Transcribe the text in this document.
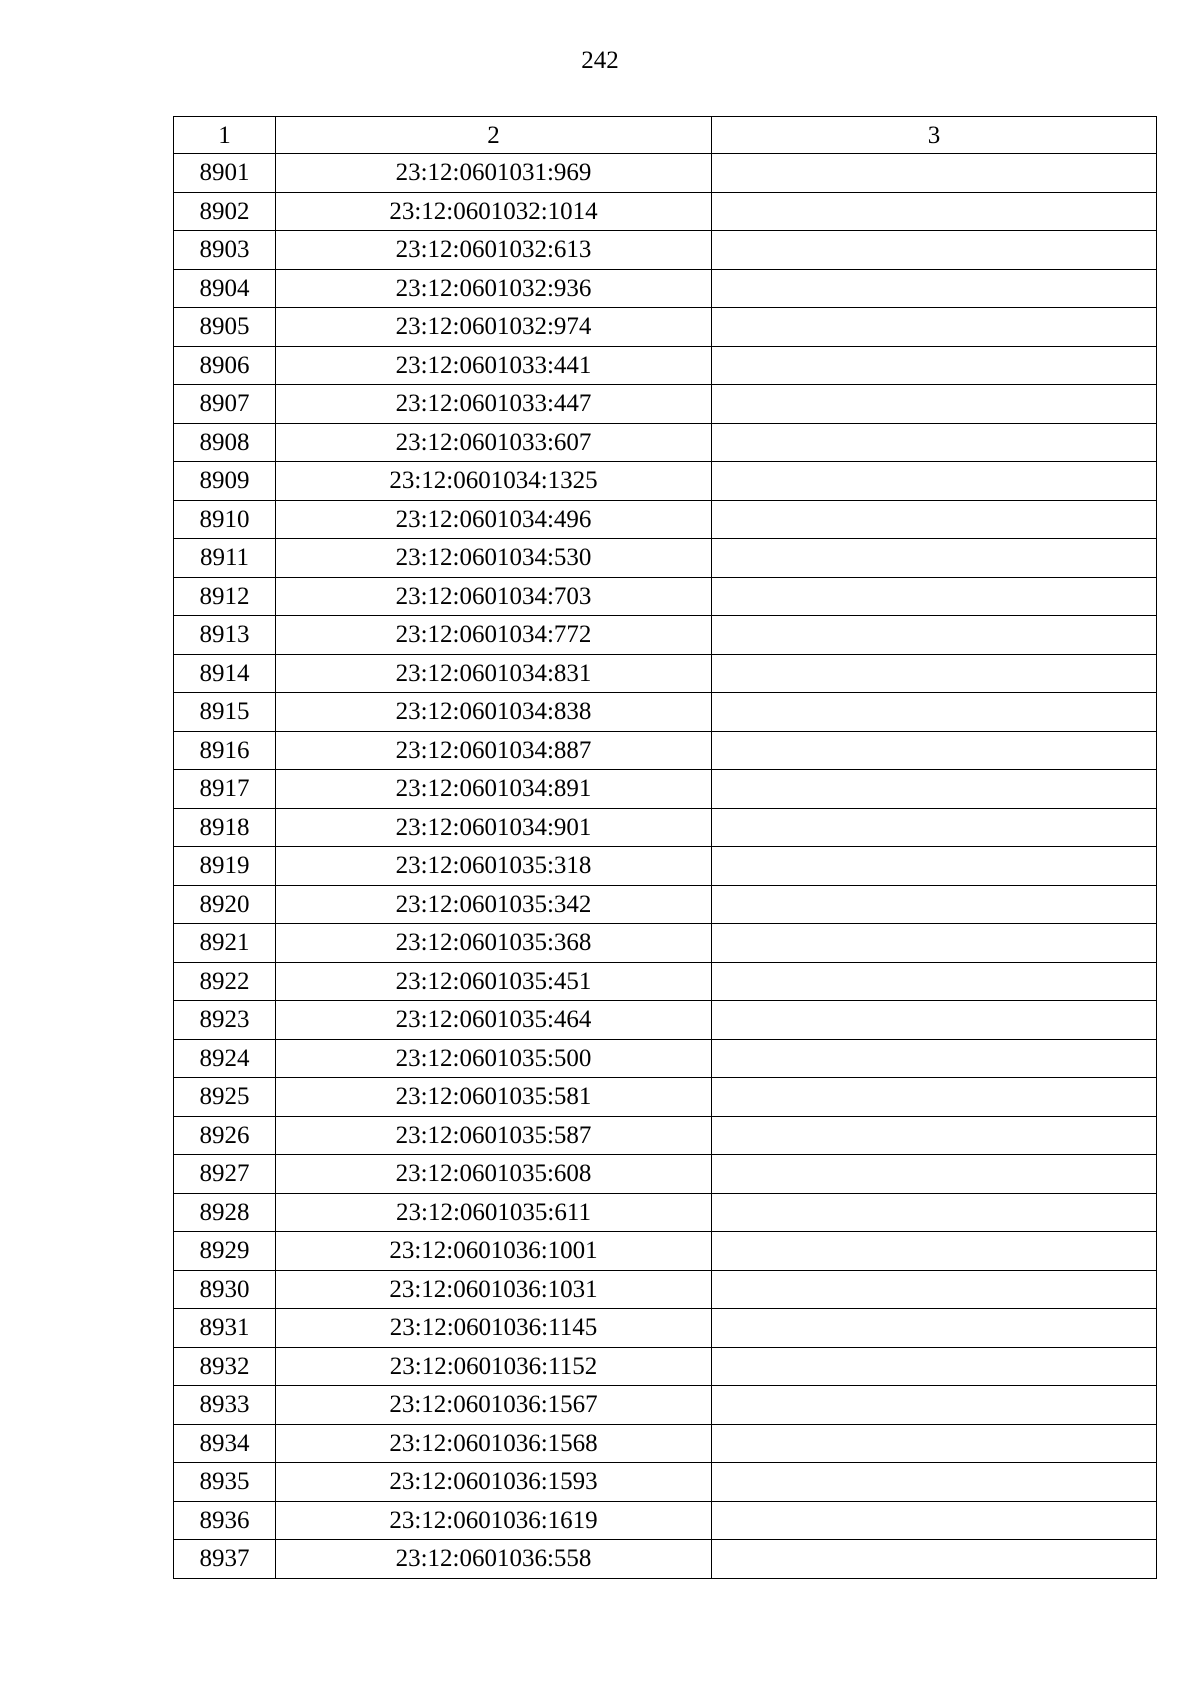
242
1	2	3
8901	23:12:0601031:969	
8902	23:12:0601032:1014	
8903	23:12:0601032:613	
8904	23:12:0601032:936	
8905	23:12:0601032:974	
8906	23:12:0601033:441	
8907	23:12:0601033:447	
8908	23:12:0601033:607	
8909	23:12:0601034:1325	
8910	23:12:0601034:496	
8911	23:12:0601034:530	
8912	23:12:0601034:703	
8913	23:12:0601034:772	
8914	23:12:0601034:831	
8915	23:12:0601034:838	
8916	23:12:0601034:887	
8917	23:12:0601034:891	
8918	23:12:0601034:901	
8919	23:12:0601035:318	
8920	23:12:0601035:342	
8921	23:12:0601035:368	
8922	23:12:0601035:451	
8923	23:12:0601035:464	
8924	23:12:0601035:500	
8925	23:12:0601035:581	
8926	23:12:0601035:587	
8927	23:12:0601035:608	
8928	23:12:0601035:611	
8929	23:12:0601036:1001	
8930	23:12:0601036:1031	
8931	23:12:0601036:1145	
8932	23:12:0601036:1152	
8933	23:12:0601036:1567	
8934	23:12:0601036:1568	
8935	23:12:0601036:1593	
8936	23:12:0601036:1619	
8937	23:12:0601036:558	
